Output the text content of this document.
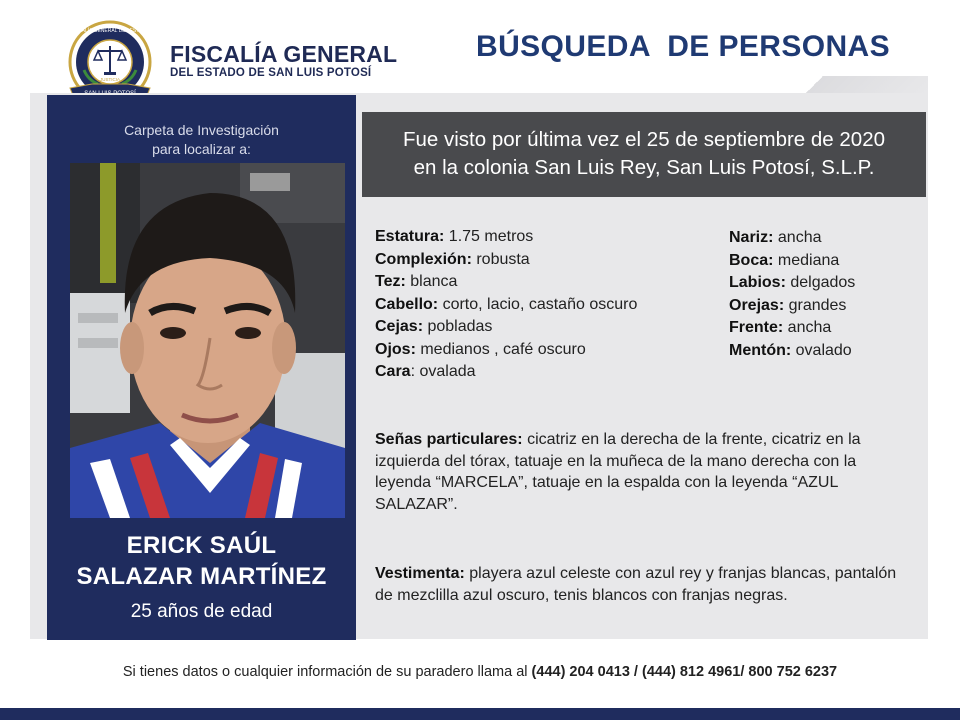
FISCALÍA GENERAL DEL ESTADO
JUSTICIA
FISCALÍA GENERAL
DEL ESTADO DE SAN LUIS POTOSÍ
BÚSQUEDA  DE PERSONAS
Carpeta de Investigación
para localizar a:
ERICK SAÚL
SALAZAR MARTÍNEZ
25 años de edad
Fue visto por última vez el 25 de septiembre de 2020
en la colonia San Luis Rey, San Luis Potosí, S.L.P.
Estatura: 1.75 metros
Complexión: robusta
Tez: blanca
Cabello: corto, lacio, castaño oscuro
Cejas: pobladas
Ojos: medianos , café oscuro
Cara: ovalada
Nariz: ancha
Boca: mediana
Labios: delgados
Orejas: grandes
Frente: ancha
Mentón: ovalado
Señas particulares: cicatriz en la derecha de la frente, cicatriz en la izquierda del tórax, tatuaje en la muñeca de la mano derecha con la leyenda “MARCELA”, tatuaje en la espalda con la leyenda “AZUL SALAZAR”.
Vestimenta: playera azul celeste con azul rey y franjas blancas, pantalón de mezclilla azul oscuro, tenis blancos con franjas negras.
Si tienes datos o cualquier información de su paradero llama al (444) 204 0413 / (444) 812 4961/ 800 752 6237
